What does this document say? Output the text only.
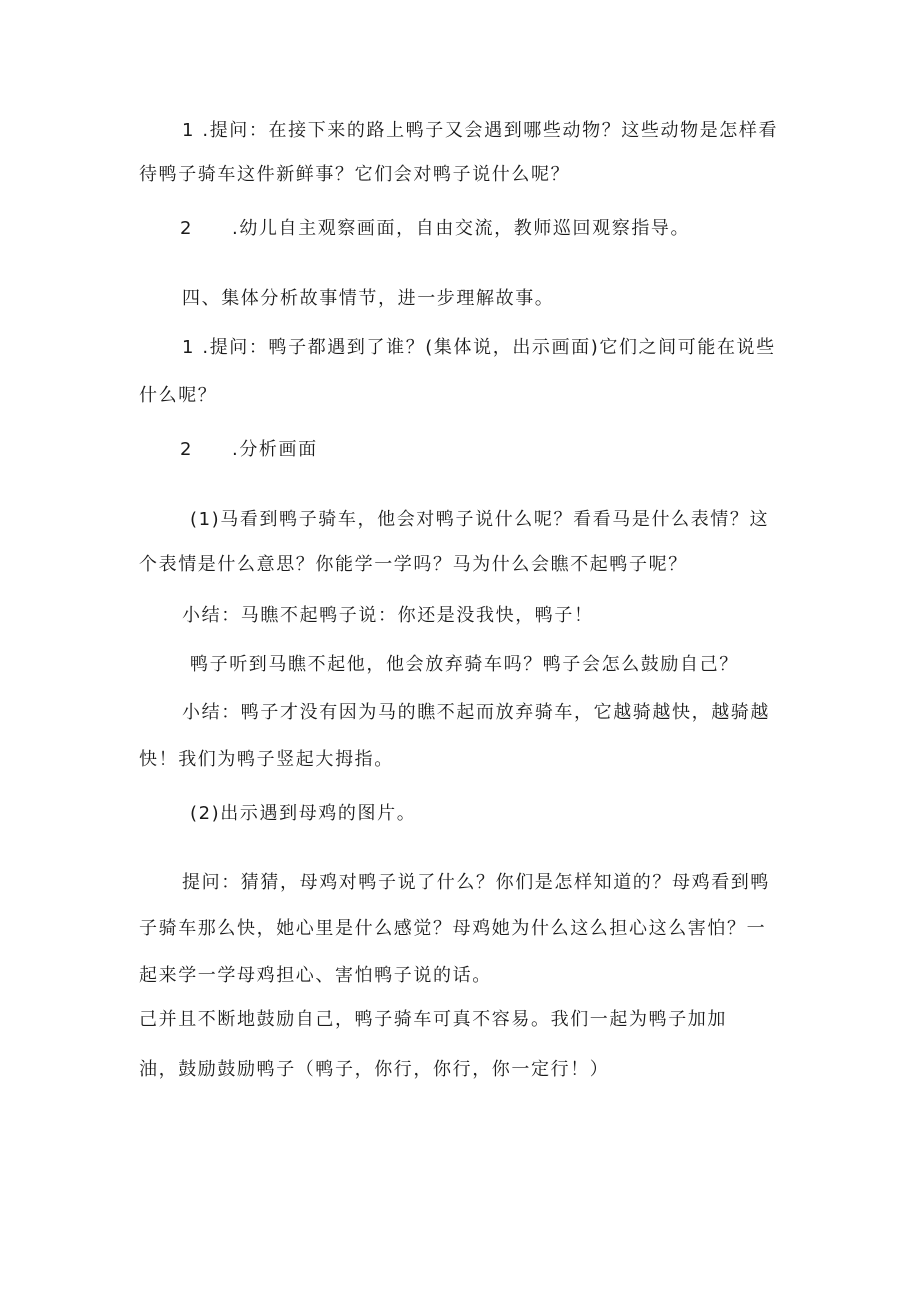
1 .提问：在接下来的路上鸭子又会遇到哪些动物？这些动物是怎样看
待鸭子骑车这件新鲜事？它们会对鸭子说什么呢？
2 .幼儿自主观察画面，自由交流，教师巡回观察指导。
四、集体分析故事情节，进一步理解故事。
1 .提问：鸭子都遇到了谁？(集体说，出示画面)它们之间可能在说些
什么呢？
2 .分析画面
(1)马看到鸭子骑车，他会对鸭子说什么呢？看看马是什么表情？这
个表情是什么意思？你能学一学吗？马为什么会瞧不起鸭子呢？
小结：马瞧不起鸭子说：你还是没我快，鸭子！
鸭子听到马瞧不起他，他会放弃骑车吗？鸭子会怎么鼓励自己？
小结：鸭子才没有因为马的瞧不起而放弃骑车，它越骑越快，越骑越
快！我们为鸭子竖起大拇指。
(2)出示遇到母鸡的图片。
提问：猜猜，母鸡对鸭子说了什么？你们是怎样知道的？母鸡看到鸭
子骑车那么快，她心里是什么感觉？母鸡她为什么这么担心这么害怕？一
起来学一学母鸡担心、害怕鸭子说的话。
己并且不断地鼓励自己，鸭子骑车可真不容易。我们一起为鸭子加加
油，鼓励鼓励鸭子（鸭子，你行，你行，你一定行！）
